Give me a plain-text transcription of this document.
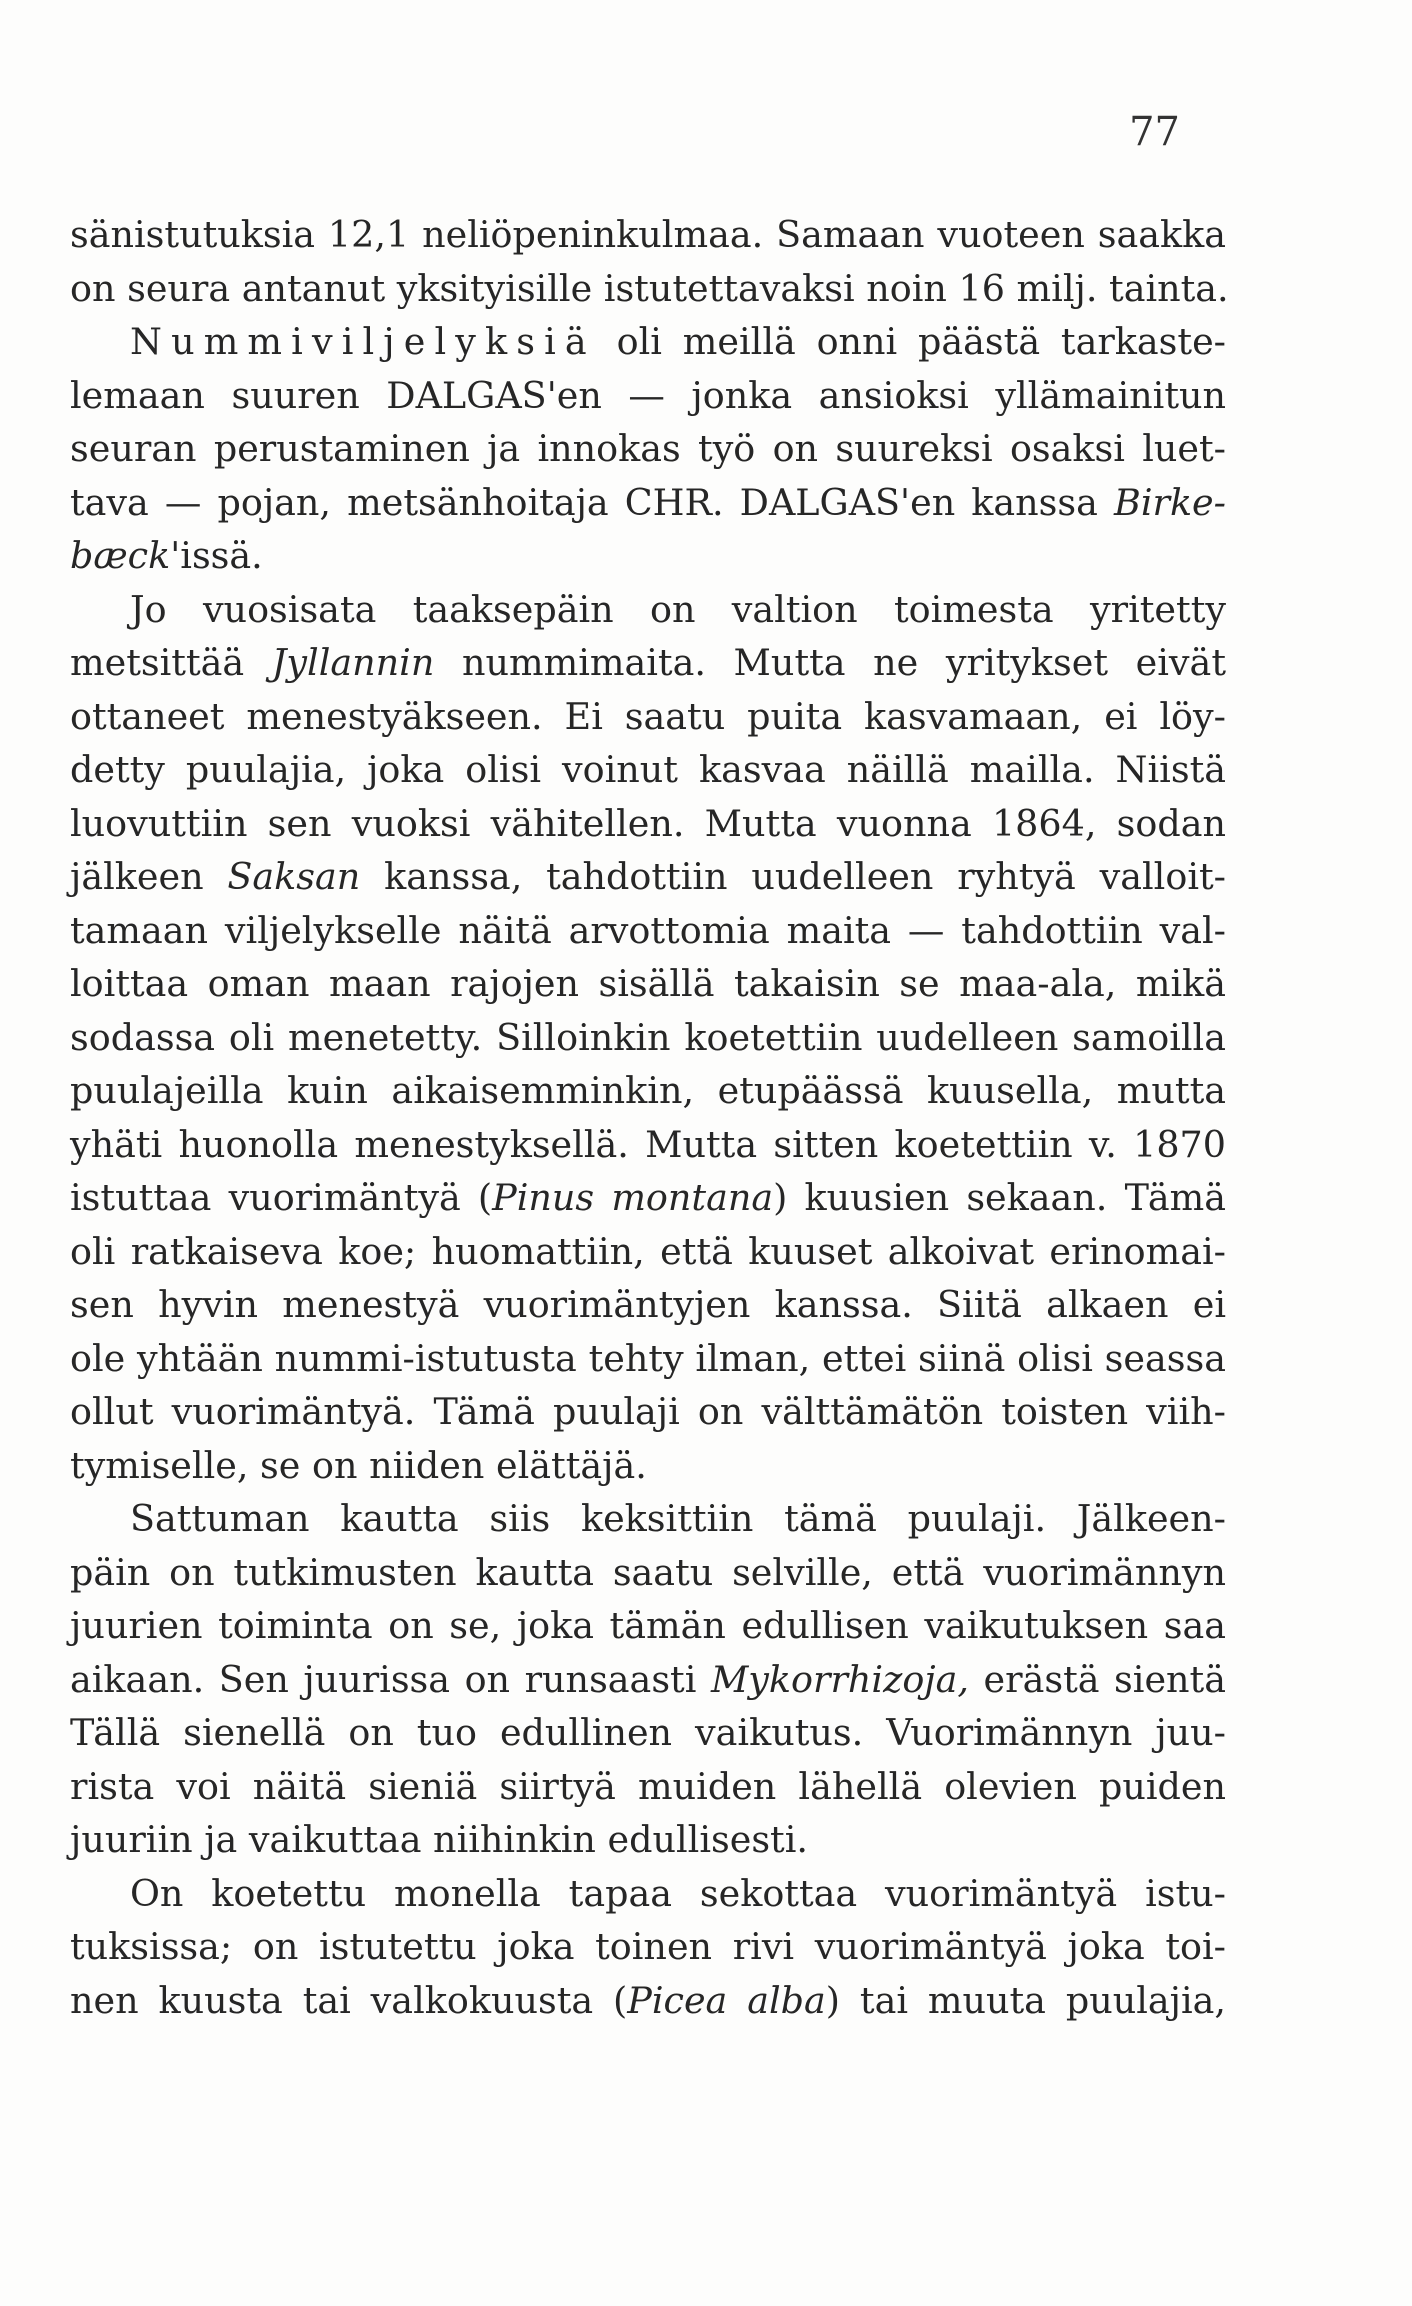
77
sänistutuksia 12,1 neliöpeninkulmaa. Samaan vuoteen saakka
on seura antanut yksityisille istutettavaksi noin 16 milj. tainta.
Nummiviljelyksiä oli meillä onni päästä tarkaste-
lemaan suuren DALGAS'en — jonka ansioksi yllämainitun
seuran perustaminen ja innokas työ on suureksi osaksi luet-
tava — pojan, metsänhoitaja CHR. DALGAS'en kanssa Birke-
bæck'issä.
Jo vuosisata taaksepäin on valtion toimesta yritetty
metsittää Jyllannin nummimaita. Mutta ne yritykset eivät
ottaneet menestyäkseen. Ei saatu puita kasvamaan, ei löy-
detty puulajia, joka olisi voinut kasvaa näillä mailla. Niistä
luovuttiin sen vuoksi vähitellen. Mutta vuonna 1864, sodan
jälkeen Saksan kanssa, tahdottiin uudelleen ryhtyä valloit-
tamaan viljelykselle näitä arvottomia maita — tahdottiin val-
loittaa oman maan rajojen sisällä takaisin se maa-ala, mikä
sodassa oli menetetty. Silloinkin koetettiin uudelleen samoilla
puulajeilla kuin aikaisemminkin, etupäässä kuusella, mutta
yhäti huonolla menestyksellä. Mutta sitten koetettiin v. 1870
istuttaa vuorimäntyä (Pinus montana) kuusien sekaan. Tämä
oli ratkaiseva koe; huomattiin, että kuuset alkoivat erinomai-
sen hyvin menestyä vuorimäntyjen kanssa. Siitä alkaen ei
ole yhtään nummi-istutusta tehty ilman, ettei siinä olisi seassa
ollut vuorimäntyä. Tämä puulaji on välttämätön toisten viih-
tymiselle, se on niiden elättäjä.
Sattuman kautta siis keksittiin tämä puulaji. Jälkeen-
päin on tutkimusten kautta saatu selville, että vuorimännyn
juurien toiminta on se, joka tämän edullisen vaikutuksen saa
aikaan. Sen juurissa on runsaasti Mykorrhizoja, erästä sientä
Tällä sienellä on tuo edullinen vaikutus. Vuorimännyn juu-
rista voi näitä sieniä siirtyä muiden lähellä olevien puiden
juuriin ja vaikuttaa niihinkin edullisesti.
On koetettu monella tapaa sekottaa vuorimäntyä istu-
tuksissa; on istutettu joka toinen rivi vuorimäntyä joka toi-
nen kuusta tai valkokuusta (Picea alba) tai muuta puulajia,
